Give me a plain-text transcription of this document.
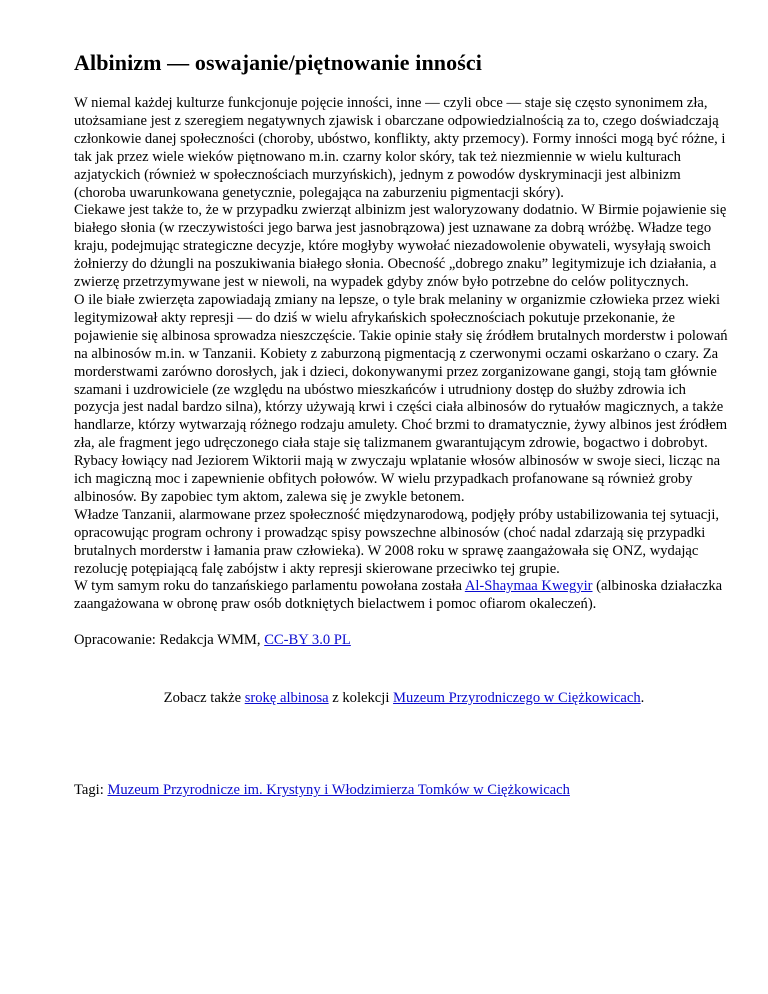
Albinizm — oswajanie/piętnowanie inności

W niemal każdej kulturze funkcjonuje pojęcie inności, inne — czyli obce — staje się często synonimem zła, utożsamiane jest z szeregiem negatywnych zjawisk i obarczane odpowiedzialnością za to, czego doświadczają członkowie danej społeczności (choroby, ubóstwo, konflikty, akty przemocy). Formy inności mogą być różne, i tak jak przez wiele wieków piętnowano m.in. czarny kolor skóry, tak też niezmiennie w wielu kulturach azjatyckich (również w społecznościach murzyńskich), jednym z powodów dyskryminacji jest albinizm (choroba uwarunkowana genetycznie, polegająca na zaburzeniu pigmentacji skóry).

Ciekawe jest także to, że w przypadku zwierząt albinizm jest waloryzowany dodatnio. W Birmie pojawienie się białego słonia (w rzeczywistości jego barwa jest jasnobrązowa) jest uznawane za dobrą wróżbę. Władze tego kraju, podejmując strategiczne decyzje, które mogłyby wywołać niezadowolenie obywateli, wysyłają swoich żołnierzy do dżungli na poszukiwania białego słonia. Obecność „dobrego znaku” legitymizuje ich działania, a zwierzę przetrzymywane jest w niewoli, na wypadek gdyby znów było potrzebne do celów politycznych.

O ile białe zwierzęta zapowiadają zmiany na lepsze, o tyle brak melaniny w organizmie człowieka przez wieki legitymizował akty represji — do dziś w wielu afrykańskich społecznościach pokutuje przekonanie, że pojawienie się albinosa sprowadza nieszczęście. Takie opinie stały się źródłem brutalnych morderstw i polowań na albinosów m.in. w Tanzanii. Kobiety z zaburzoną pigmentacją z czerwonymi oczami oskarżano o czary. Za morderstwami zarówno dorosłych, jak i dzieci, dokonywanymi przez zorganizowane gangi, stoją tam głównie szamani i uzdrowiciele (ze względu na ubóstwo mieszkańców i utrudniony dostęp do służby zdrowia ich pozycja jest nadal bardzo silna), którzy używają krwi i części ciała albinosów do rytuałów magicznych, a także handlarze, którzy wytwarzają różnego rodzaju amulety. Choć brzmi to dramatycznie, żywy albinos jest źródłem zła, ale fragment jego udręczonego ciała staje się talizmanem gwarantującym zdrowie, bogactwo i dobrobyt. Rybacy łowiący nad Jeziorem Wiktorii mają w zwyczaju wplatanie włosów albinosów w swoje sieci, licząc na ich magiczną moc i zapewnienie obfitych połowów. W wielu przypadkach profanowane są również groby albinosów. By zapobiec tym aktom, zalewa się je zwykle betonem.

Władze Tanzanii, alarmowane przez społeczność międzynarodową, podjęły próby ustabilizowania tej sytuacji, opracowując program ochrony i prowadząc spisy powszechne albinosów (choć nadal zdarzają się przypadki brutalnych morderstw i łamania praw człowieka). W 2008 roku w sprawę zaangażowała się ONZ, wydając rezolucję potępiającą falę zabójstw i akty represji skierowane przeciwko tej grupie.

W tym samym roku do tanzańskiego parlamentu powołana została Al-Shaymaa Kwegyir (albinoska działaczka zaangażowana w obronę praw osób dotkniętych bielactwem i pomoc ofiarom okaleczeń).

Opracowanie: Redakcja WMM, CC-BY 3.0 PL
Zobacz także srokę albinosa z kolekcji Muzeum Przyrodniczego w Ciężkowicach.
Tagi: Muzeum Przyrodnicze im. Krystyny i Włodzimierza Tomków w Ciężkowicach
